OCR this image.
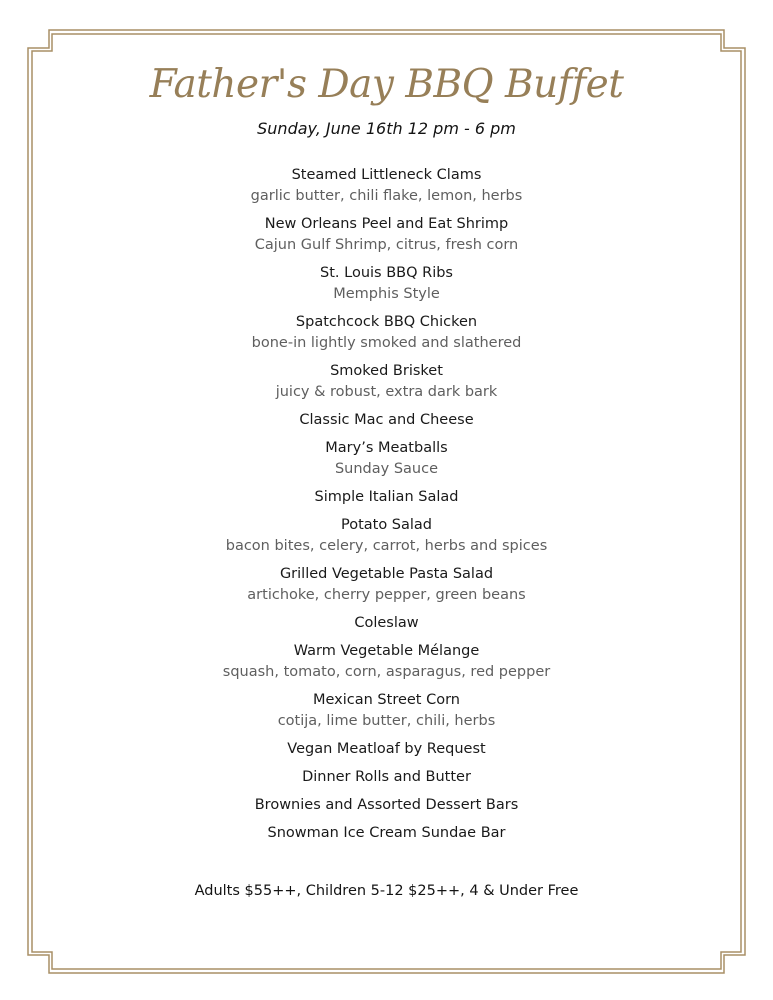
Father's Day BBQ Buffet
Sunday, June 16th 12 pm - 6 pm
Steamed Littleneck Clams
garlic butter, chili flake, lemon, herbs
New Orleans Peel and Eat Shrimp
Cajun Gulf Shrimp, citrus, fresh corn
St. Louis BBQ Ribs
Memphis Style
Spatchcock BBQ Chicken
bone-in lightly smoked and slathered
Smoked Brisket
juicy & robust, extra dark bark
Classic Mac and Cheese
Mary’s Meatballs
Sunday Sauce
Simple Italian Salad
Potato Salad
bacon bites, celery, carrot, herbs and spices
Grilled Vegetable Pasta Salad
artichoke, cherry pepper, green beans
Coleslaw
Warm Vegetable Mélange
squash, tomato, corn, asparagus, red pepper
Mexican Street Corn
cotija, lime butter, chili, herbs
Vegan Meatloaf by Request
Dinner Rolls and Butter
Brownies and Assorted Dessert Bars
Snowman Ice Cream Sundae Bar
Adults $55++, Children 5-12 $25++, 4 & Under Free
